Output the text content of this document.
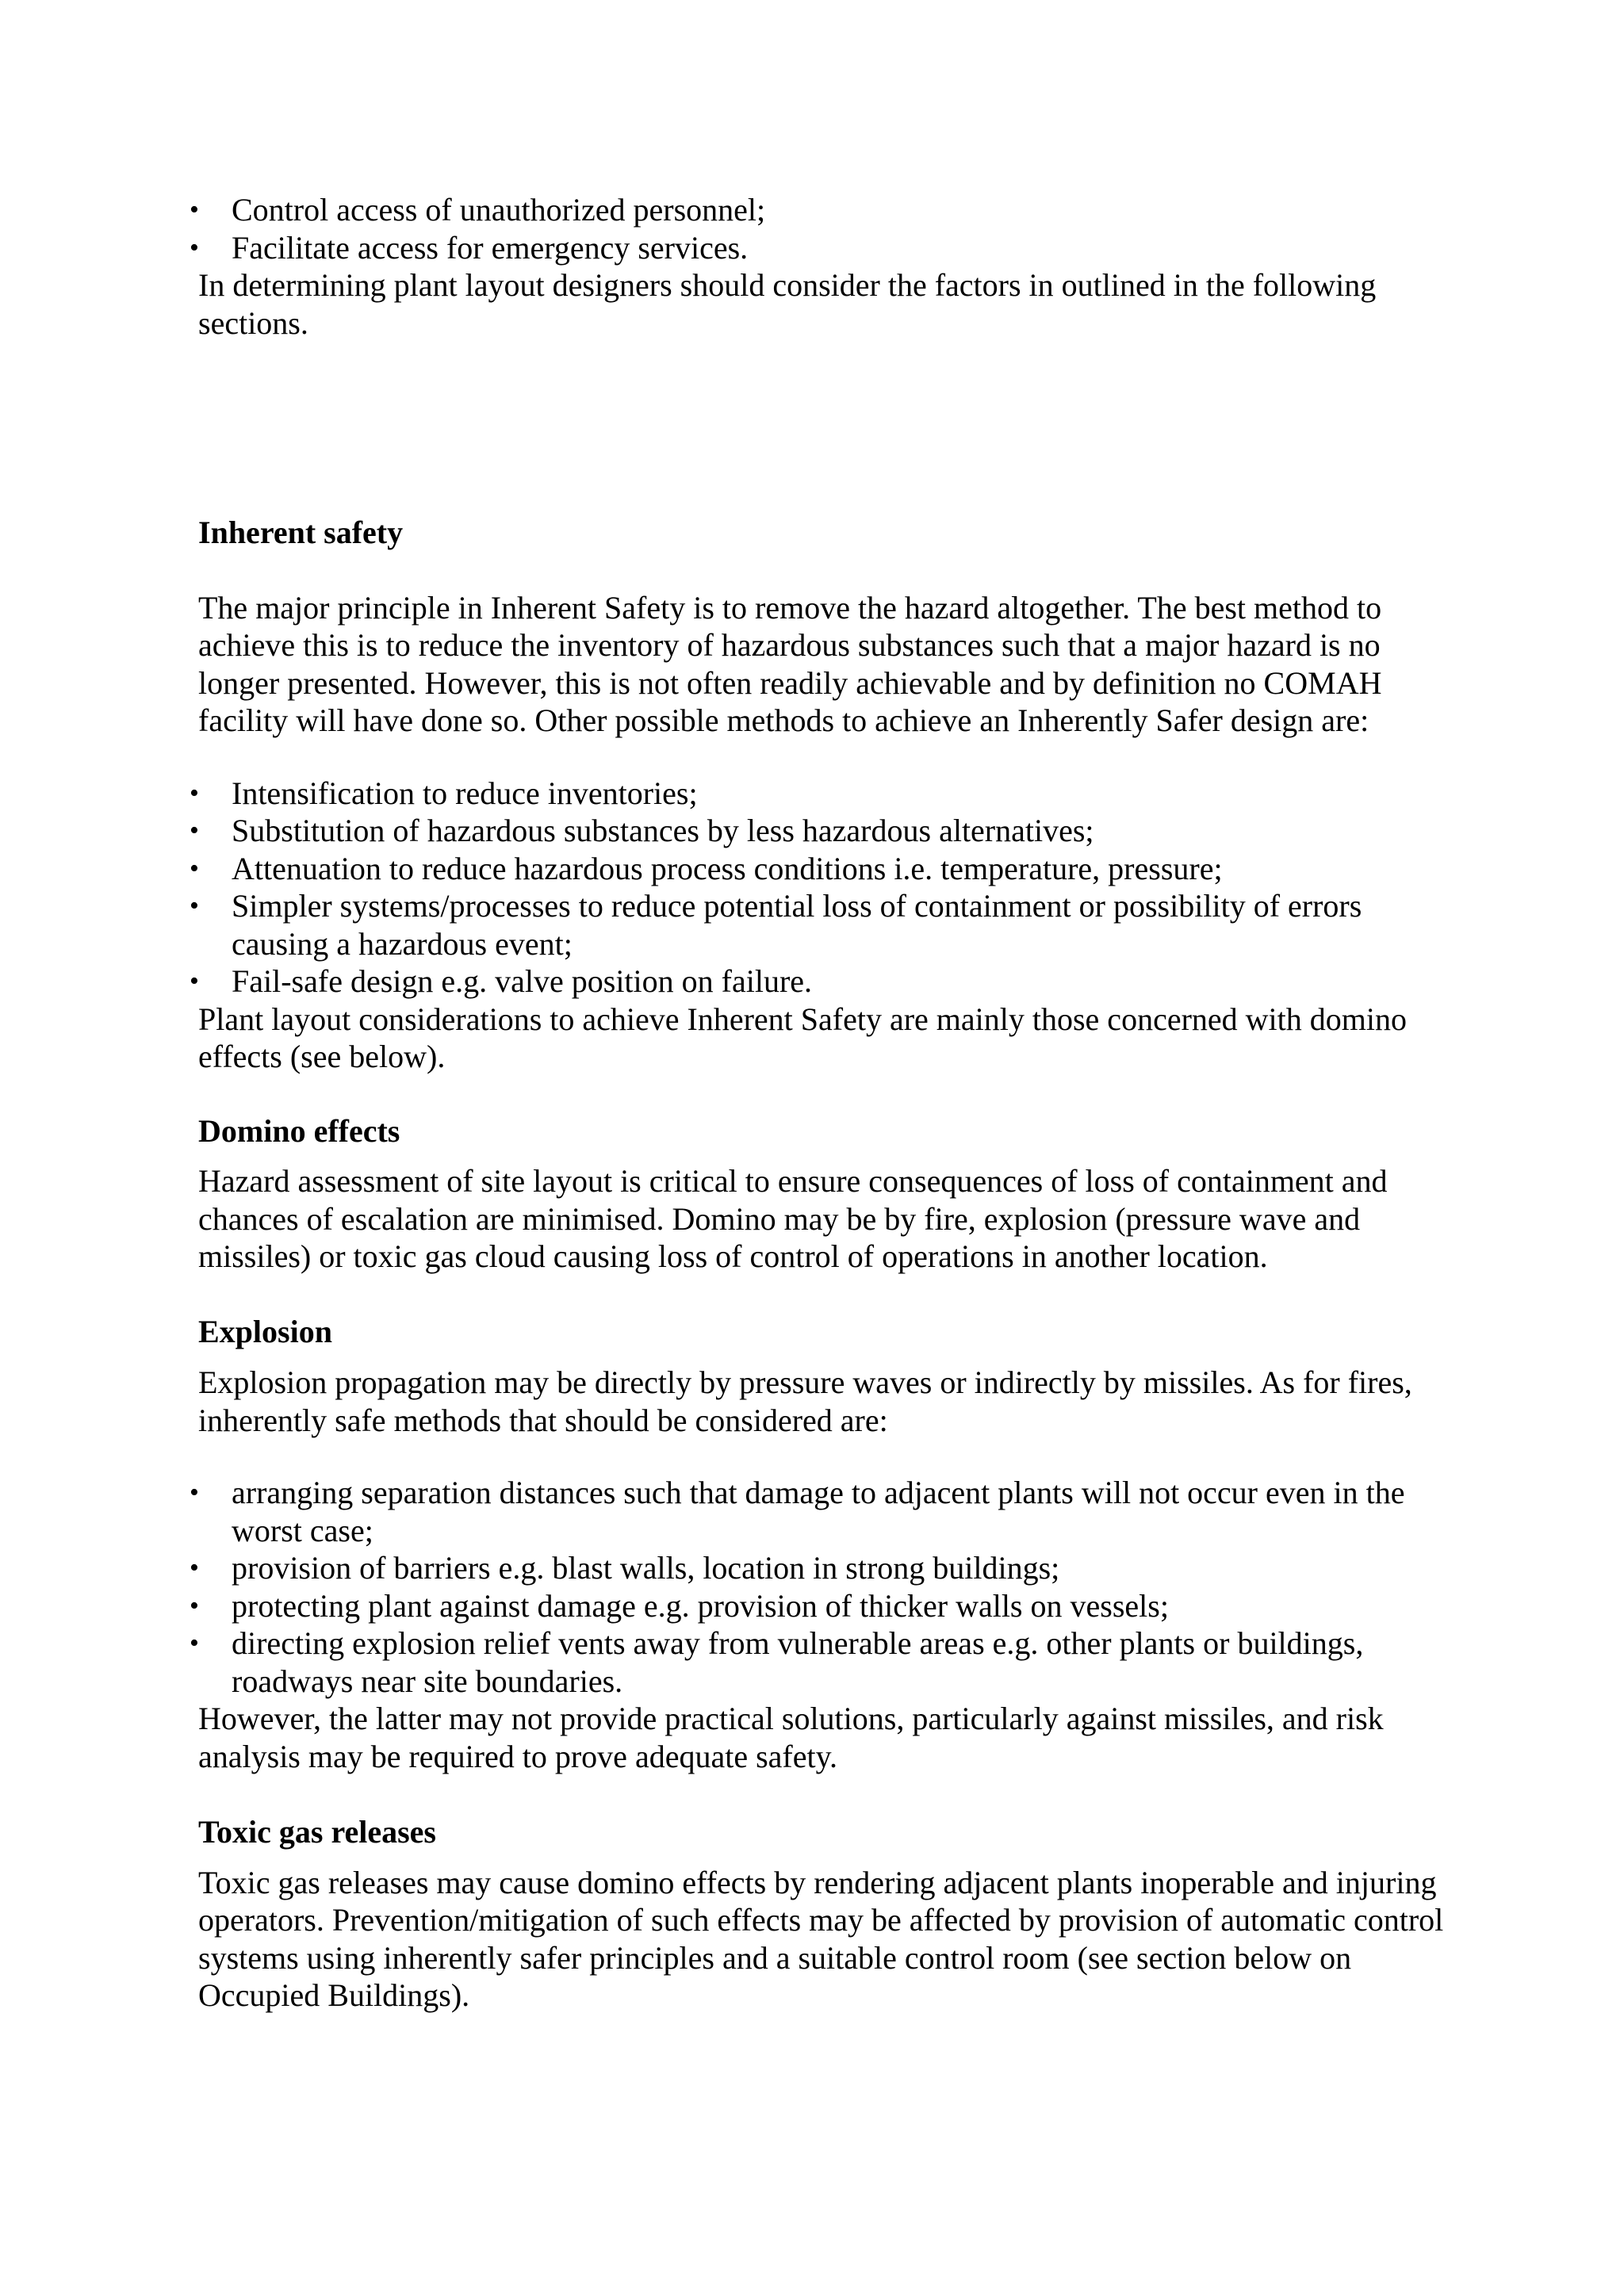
• Control access of unauthorized personnel;
• Facilitate access for emergency services.

In determining plant layout designers should consider the factors in outlined in the following sections.

Inherent safety

The major principle in Inherent Safety is to remove the hazard altogether. The best method to achieve this is to reduce the inventory of hazardous substances such that a major hazard is no longer presented. However, this is not often readily achievable and by definition no COMAH facility will have done so. Other possible methods to achieve an Inherently Safer design are:

• Intensification to reduce inventories;
• Substitution of hazardous substances by less hazardous alternatives;
• Attenuation to reduce hazardous process conditions i.e. temperature, pressure;
• Simpler systems/processes to reduce potential loss of containment or possibility of errors causing a hazardous event;
• Fail-safe design e.g. valve position on failure.

Plant layout considerations to achieve Inherent Safety are mainly those concerned with domino effects (see below).

Domino effects

Hazard assessment of site layout is critical to ensure consequences of loss of containment and chances of escalation are minimised. Domino may be by fire, explosion (pressure wave and missiles) or toxic gas cloud causing loss of control of operations in another location.

Explosion

Explosion propagation may be directly by pressure waves or indirectly by missiles. As for fires, inherently safe methods that should be considered are:

• arranging separation distances such that damage to adjacent plants will not occur even in the worst case;
• provision of barriers e.g. blast walls, location in strong buildings;
• protecting plant against damage e.g. provision of thicker walls on vessels;
• directing explosion relief vents away from vulnerable areas e.g. other plants or buildings, roadways near site boundaries.

However, the latter may not provide practical solutions, particularly against missiles, and risk analysis may be required to prove adequate safety.

Toxic gas releases

Toxic gas releases may cause domino effects by rendering adjacent plants inoperable and injuring operators. Prevention/mitigation of such effects may be affected by provision of automatic control systems using inherently safer principles and a suitable control room (see section below on Occupied Buildings).
